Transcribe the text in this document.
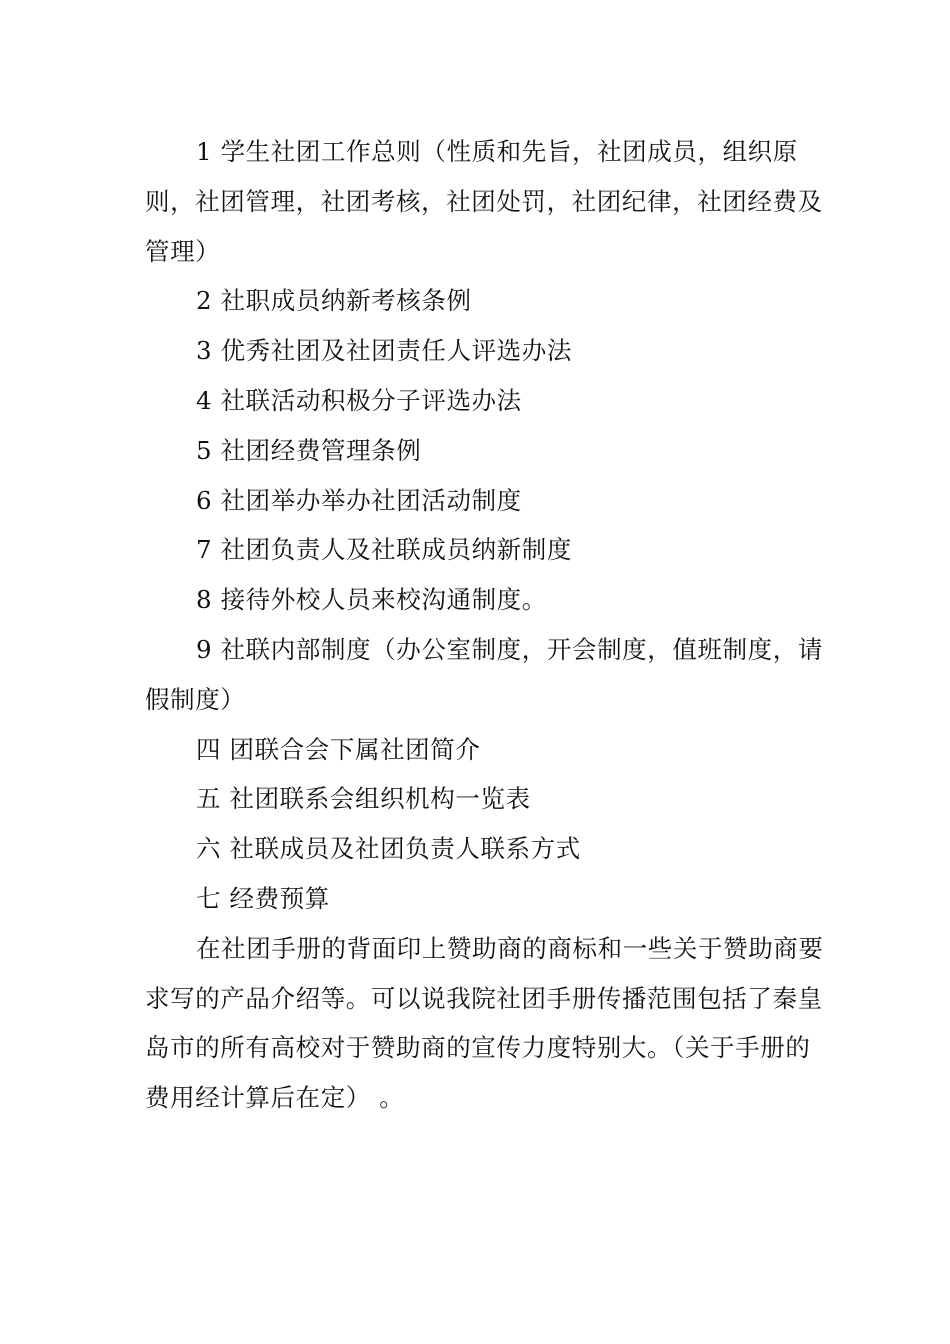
1 学生社团工作总则（性质和先旨，社团成员，组织原则，社团管理，社团考核，社团处罚，社团纪律，社团经费及管理）

2 社职成员纳新考核条例

3 优秀社团及社团责任人评选办法

4 社联活动积极分子评选办法

5 社团经费管理条例

6 社团举办举办社团活动制度

7 社团负责人及社联成员纳新制度

8 接待外校人员来校沟通制度。

9 社联内部制度（办公室制度，开会制度，值班制度，请假制度）

四 团联合会下属社团简介

五 社团联系会组织机构一览表

六 社联成员及社团负责人联系方式

七 经费预算

在社团手册的背面印上赞助商的商标和一些关于赞助商要求写的产品介绍等。可以说我院社团手册传播范围包括了秦皇岛市的所有高校对于赞助商的宣传力度特别大。（关于手册的费用经计算后在定） 。
